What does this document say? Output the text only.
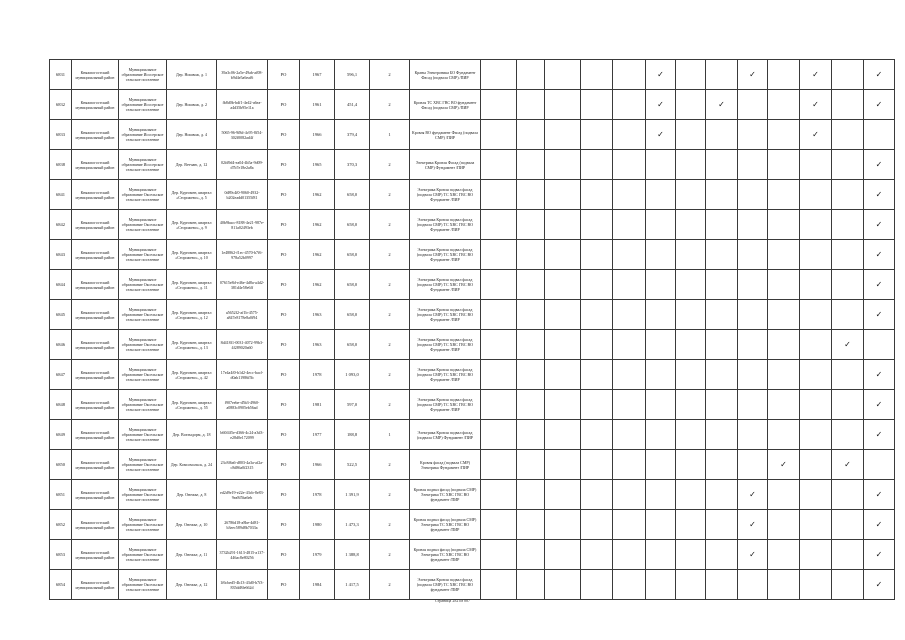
6831	Княжпогостский муниципальный район	Муниципальное образование Иоссерское сельское поселение	Дер. Ношвож, д. 1	39a3c06-2a5e-49ab-af08-b9d4e5a6eaf6	РО	1967	596,1	2	Краны Электроника БО Фундамент Фасад (подвала СМР) /ПИР						✓			✓		✓		✓
6832	Княжпогостский муниципальный район	Муниципальное образование Иоссерское сельское поселение	Дер. Ношвож, д. 2	fb8d0b-bdf1-4e42-a6ea-a4d35b95e11a	РО	1961	451,4	2	Кровля ТС ХВС ГВС ВО фундамент Фасад (подвала СМР) /ПИР						✓		✓			✓		✓
6833	Княжпогостский муниципальный район	Муниципальное образование Иоссерское сельское поселение	Дер. Ношвож, д. 4	5065-96-9f8d-4c95-8f54-302f0082ad4f	РО	1966	379,4	1	Кровля ВО фундамент Фасад (подвала СМР) /ПИР						✓					✓		
6838	Княжпогостский муниципальный район	Муниципальное образование Иоссерское сельское поселение	Дер. Ветчаю, д. 12	02fd9d4-ea04-4b5a-9d09-d7b7e18e2a8a	РО	1965	370,3	2	Электрика Кровля Фасад (подвала СМР) Фундамент /ПИР													✓
6841	Княжпогостский муниципальный район	Муниципальное образование Оксельское сельское поселение	Дер. Кургомен, квартал «Сторожево», д. 5	0d89c4f0-9060-4932-b202eadd01355f81	РО	1962	658,0	2	Электрика Кровля подвал фасад (подвала СМР) ТС ХВС ГВС ВО Фундамент /ПИР													✓
6842	Княжпогостский муниципальный район	Муниципальное образование Оксельское сельское поселение	Дер. Кургомен, квартал «Сторожево», д. 9	40b9bacc-8188-4e21-987e-811a02493eb	РО	1962	658,0	2	Электрика Кровля подвал фасад (подвала СМР) ТС ХВС ГВС ВО Фундамент /ПИР													✓
6843	Княжпогостский муниципальный район	Муниципальное образование Оксельское сельское поселение	Дер. Кургомен, квартал «Сторожево», д. 10	1e48862-f1ec-4570-b7f6-978a52b0997	РО	1962	658,0	2	Электрика Кровля подвал фасад (подвала СМР) ТС ХВС ГВС ВО Фундамент /ПИР													✓
6844	Княжпогостский муниципальный район	Муниципальное образование Оксельское сельское поселение	Дер. Кургомен, квартал «Сторожево», д. 11	07615e8d-e46e-4d8a-a4d2-381d4e58e6ff	РО	1962	658,0	2	Электрика Кровля подвал фасад (подвала СМР) ТС ХВС ГВС ВО Фундамент /ПИР													✓
6845	Княжпогостский муниципальный район	Муниципальное образование Оксельское сельское поселение	Дер. Кургомен, квартал «Сторожево», д. 12	a5652f2-af1b-4575-a847e8178e8a0f94	РО	1963	658,0	2	Электрика Кровля подвал фасад (подвала СМР) ТС ХВС ГВС ВО Фундамент /ПИР													✓
6846	Княжпогостский муниципальный район	Муниципальное образование Оксельское сельское поселение	Дер. Кургомен, квартал «Сторожево», д. 13	8d418f1-0031-4072-99b3-4f289020a60	РО	1963	658,0	2	Электрика Кровля подвал фасад (подвала СМР) ТС ХВС ГВС ВО Фундамент /ПИР												✓	
6847	Княжпогостский муниципальный район	Муниципальное образование Оксельское сельское поселение	Дер. Кургомен, квартал «Сторожево», д. 42	17e4a4f0-b1d2-4ecc-bacf-d0ab11986f5b	РО	1978	1 093,0	2	Электрика Кровля подвал фасад (подвала СМР) ТС ХВС ГВС ВО Фундамент /ПИР													✓
6848	Княжпогостский муниципальный район	Муниципальное образование Оксельское сельское поселение	Дер. Кургомен, квартал «Сторожево», д. 55	f907eebe-d5b3-4960-a0883c0905eb56ad	РО	1981	597,0	2	Электрика Кровля подвал фасад (подвала СМР) ТС ХВС ГВС ВО Фундамент /ПИР													✓
6849	Княжпогостский муниципальный район	Муниципальное образование Оксельское сельское поселение	Дер. Вохтыдорм, д. 18	b60f4f5e-d366-4c24-a3d3-e28d0e172099	РО	1977	188,8	1	Электрика Кровля подвал фасад (подвала СМР) Фундамент /ПИР													✓
6850	Княжпогостский муниципальный район	Муниципальное образование Оксельское сельское поселение	Дер. Комсомольск, д. 24	23c8f6a6-d803-4a3a-af2a-c8d86a0f2315	РО	1966	522,5	2	Кровля фасад (подвала СМР) Электрика Фундамент /ПИР										✓		✓	
6851	Княжпогостский муниципальный район	Муниципальное образование Оксельское сельское поселение	Дер. Онежье, д. 8	ed2d9e19-e22e-43cb-8e83-9ea8f5ba6eb	РО	1978	1 391,9	2	Кровля подвал фасад (подвала СМР) Электрика ТС ХВС ГВС ВО фундамент /ПИР									✓				✓
6852	Княжпогостский муниципальный район	Муниципальное образование Оксельское сельское поселение	Дер. Онежье, д. 10	26786d18-a8be-4d81-b3eec589d8b7033a	РО	1980	1 473,3	2	Кровля подвал фасад (подвала СМР) Электрика ТС ХВС ГВС ВО фундамент /ПИР									✓				✓
6853	Княжпогостский муниципальный район	Муниципальное образование Оксельское сельское поселение	Дер. Онежье, д. 11	3732b291-1613-4815-a137-446ac8e80256	РО	1979	1 388,8	2	Кровля подвал фасад (подвала СМР) Электрика ТС ХВС ГВС ВО фундамент /ПИР									✓				✓
6854	Княжпогостский муниципальный район	Муниципальное образование Оксельское сельское поселение	Дер. Онежье, д. 12	1f6cbed5-4b13-43d0-b7f3-835dd8fe662d	РО	1984	1 417,5	2	Электрика Кровля подвал фасад (подвала СМР) ТС ХВС ГВС ВО фундамент /ПИР													✓
Страница 282 из 887
